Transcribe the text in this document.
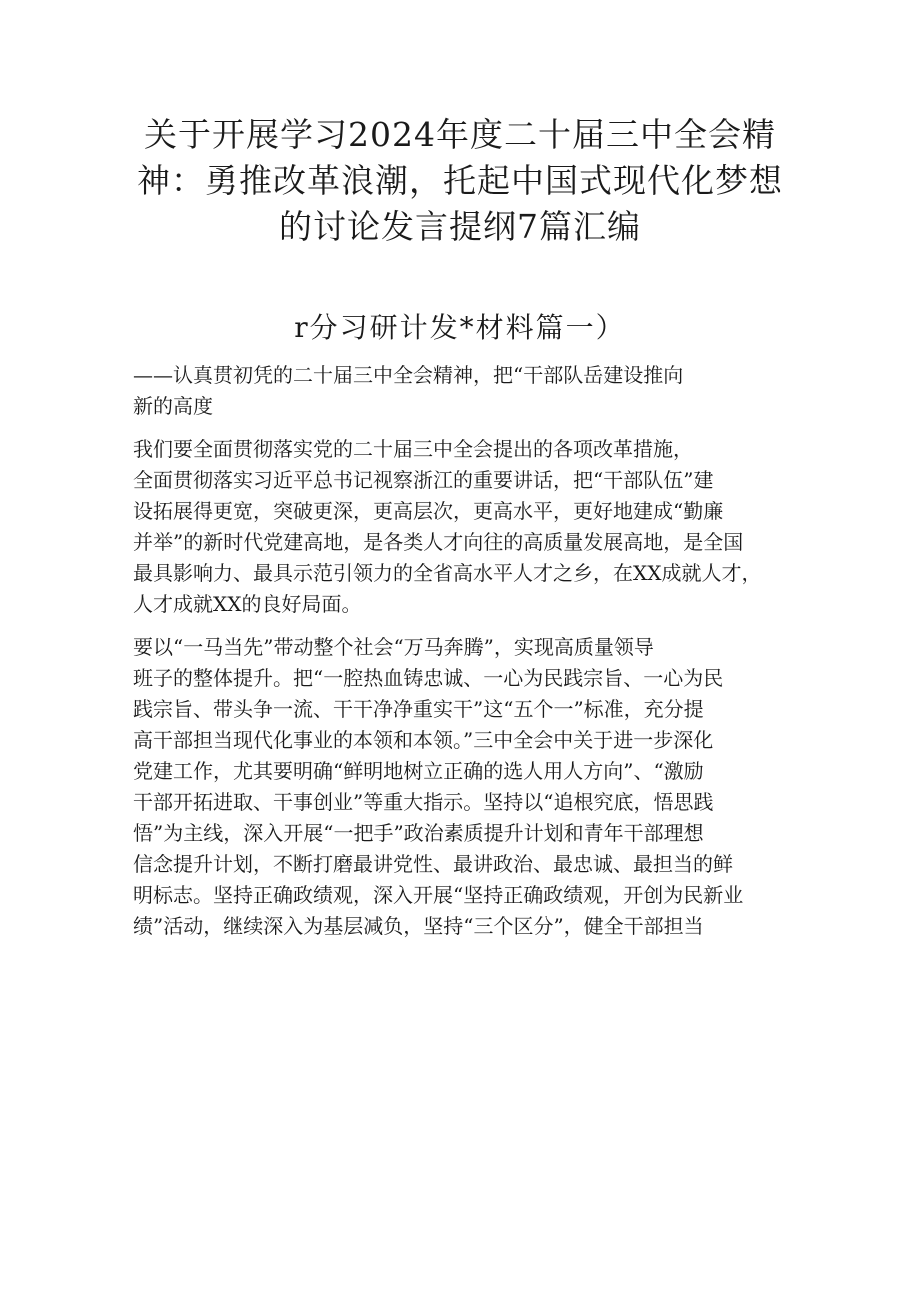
关于开展学习2024年度二十届三中全会精
神：勇推改革浪潮，托起中国式现代化梦想
的讨论发言提纲7篇汇编
r分习研计发*材料篇一）

——认真贯初凭的二十届三中全会精神，把“干部队岳建设推向
新的高度

我们要全面贯彻落实党的二十届三中全会提出的各项改革措施，
全面贯彻落实习近平总书记视察浙江的重要讲话，把“干部队伍”建
设拓展得更宽，突破更深，更高层次，更高水平，更好地建成“勤廉
并举”的新时代党建高地，是各类人才向往的高质量发展高地，是全国
最具影响力、最具示范引领力的全省高水平人才之乡，在XX成就人才，
人才成就XX的良好局面。

要以“一马当先”带动整个社会“万马奔腾”，实现高质量领导
班子的整体提升。把“一腔热血铸忠诚、一心为民践宗旨、一心为民
践宗旨、带头争一流、干干净净重实干”这“五个一”标准，充分提
高干部担当现代化事业的本领和本领。”三中全会中关于进一步深化
党建工作，尤其要明确“鲜明地树立正确的选人用人方向”、“激励
干部开拓进取、干事创业”等重大指示。坚持以“追根究底，悟思践
悟”为主线，深入开展“一把手”政治素质提升计划和青年干部理想
信念提升计划，不断打磨最讲党性、最讲政治、最忠诚、最担当的鲜
明标志。坚持正确政绩观，深入开展“坚持正确政绩观，开创为民新业
绩”活动，继续深入为基层减负，坚持“三个区分”，健全干部担当
